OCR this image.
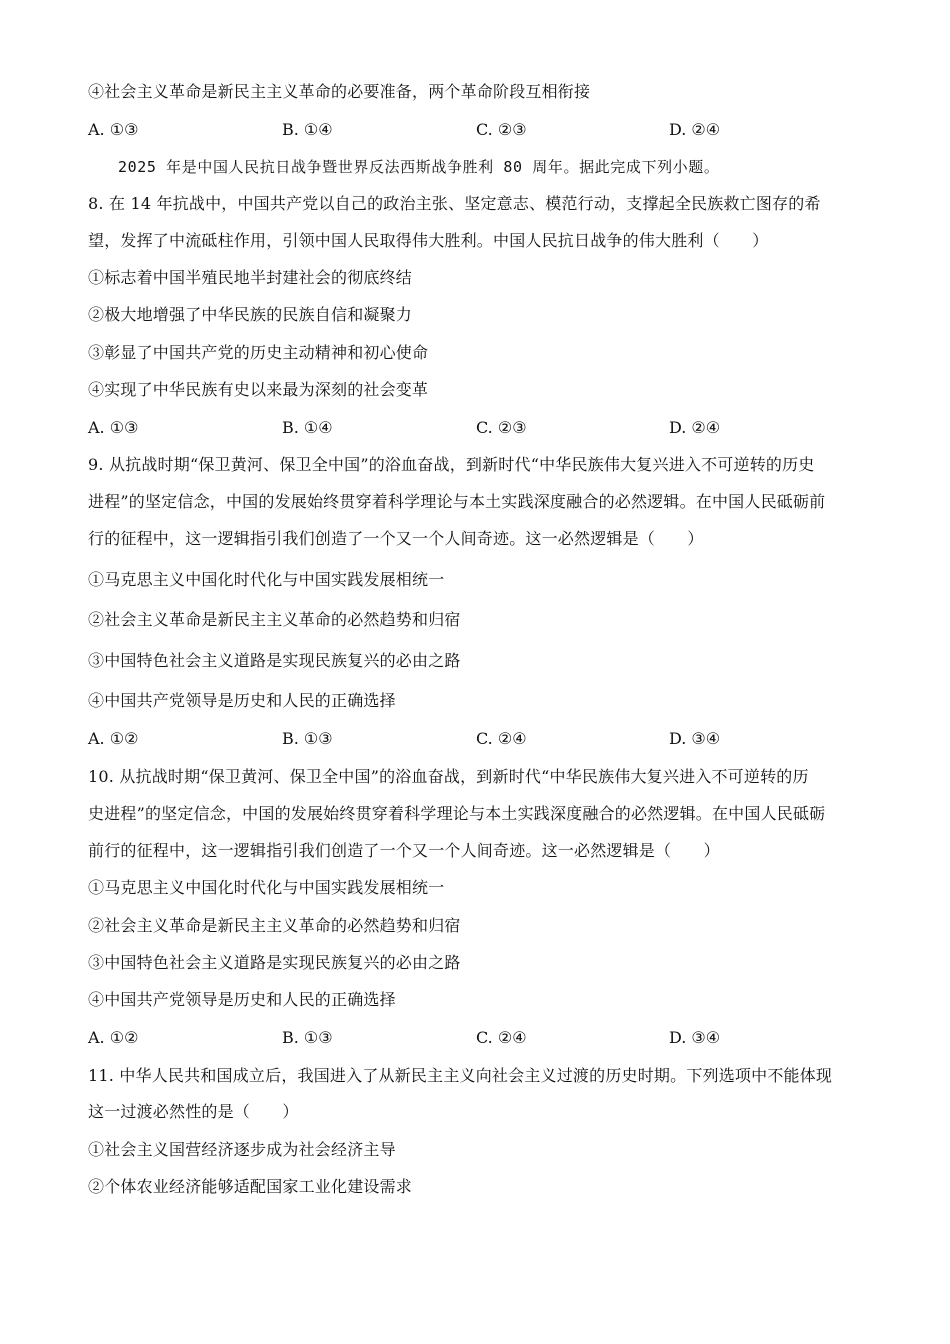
④社会主义革命是新民主主义革命的必要准备，两个革命阶段互相衔接
A. ①③	B. ①④	C. ②③	D. ②④
2025 年是中国人民抗日战争暨世界反法西斯战争胜利 80 周年。据此完成下列小题。
8. 在 14 年抗战中，中国共产党以自己的政治主张、坚定意志、模范行动，支撑起全民族救亡图存的希
望，发挥了中流砥柱作用，引领中国人民取得伟大胜利。中国人民抗日战争的伟大胜利（　　）
①标志着中国半殖民地半封建社会的彻底终结
②极大地增强了中华民族的民族自信和凝聚力
③彰显了中国共产党的历史主动精神和初心使命
④实现了中华民族有史以来最为深刻的社会变革
A. ①③	B. ①④	C. ②③	D. ②④
9. 从抗战时期“保卫黄河、保卫全中国”的浴血奋战，到新时代“中华民族伟大复兴进入不可逆转的历史
进程”的坚定信念，中国的发展始终贯穿着科学理论与本土实践深度融合的必然逻辑。在中国人民砥砺前
行的征程中，这一逻辑指引我们创造了一个又一个人间奇迹。这一必然逻辑是（　　）
①马克思主义中国化时代化与中国实践发展相统一
②社会主义革命是新民主主义革命的必然趋势和归宿
③中国特色社会主义道路是实现民族复兴的必由之路
④中国共产党领导是历史和人民的正确选择
A. ①②	B. ①③	C. ②④	D. ③④
10. 从抗战时期“保卫黄河、保卫全中国”的浴血奋战，到新时代“中华民族伟大复兴进入不可逆转的历
史进程”的坚定信念，中国的发展始终贯穿着科学理论与本土实践深度融合的必然逻辑。在中国人民砥砺
前行的征程中，这一逻辑指引我们创造了一个又一个人间奇迹。这一必然逻辑是（　　）
①马克思主义中国化时代化与中国实践发展相统一
②社会主义革命是新民主主义革命的必然趋势和归宿
③中国特色社会主义道路是实现民族复兴的必由之路
④中国共产党领导是历史和人民的正确选择
A. ①②	B. ①③	C. ②④	D. ③④
11. 中华人民共和国成立后，我国进入了从新民主主义向社会主义过渡的历史时期。下列选项中不能体现
这一过渡必然性的是（　　）
①社会主义国营经济逐步成为社会经济主导
②个体农业经济能够适配国家工业化建设需求
